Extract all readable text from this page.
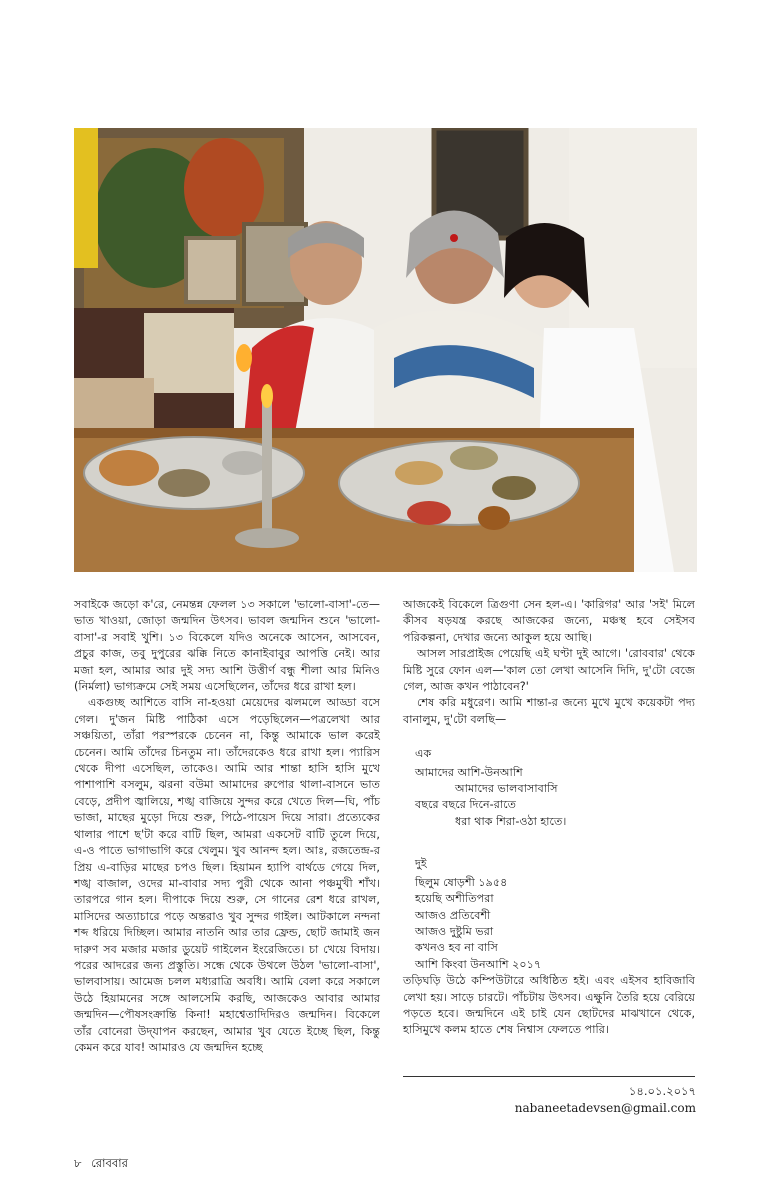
সবাইকে জড়ো ক'রে, নেমন্তন্ন ফেলল ১৩ সকালে 'ভালো-বাসা'-তে—ভাত খাওয়া, জোড়া জন্মদিন উৎসব। ভাবল জন্মদিন শুনে 'ভালো-বাসা'-র সবাই খুশি। ১৩ বিকেলে যদিও অনেকে আসেন, আসবেন, প্রচুর কাজ, তবু দুপুরের ঝক্কি নিতে কানাইবাবুর আপত্তি নেই। আর মজা হল, আমার আর দুই সদ্য আশি উত্তীর্ণ বন্ধু শীলা আর মিনিও (নির্মলা) ভাগ্যক্রমে সেই সময় এসেছিলেন, তাঁদের ধরে রাখা হল।

একগুচ্ছ আশিতে বাসি না-হওয়া মেয়েদের ঝলমলে আড্ডা বসে গেল। দু'জন মিষ্টি পাঠিকা এসে পড়েছিলেন—পত্রলেখা আর সঞ্চয়িতা, তাঁরা পরস্পরকে চেনেন না, কিন্তু আমাকে ভাল করেই চেনেন। আমি তাঁদের চিনতুম না। তাঁদেরকেও ধরে রাখা হল। প্যারিস থেকে দীপা এসেছিল, তাকেও। আমি আর শান্তা হাসি হাসি মুখে পাশাপাশি বসলুম, ঝরনা বউমা আমাদের রুপোর থালা-বাসনে ভাত বেড়ে, প্রদীপ জ্বালিয়ে, শঙ্খ বাজিয়ে সুন্দর করে খেতে দিল—ঘি, পাঁচ ভাজা, মাছের মুড়ো দিয়ে শুরু, পিঠে-পায়েস দিয়ে সারা। প্রত্যেকের থালার পাশে ছ'টা করে বাটি ছিল, আমরা একসেট বাটি তুলে দিয়ে, এ-ও পাতে ভাগাভাগি করে খেলুম। খুব আনন্দ হল। আঃ, রজতেন্দ্র-র প্রিয় এ-বাড়ির মাছের চপও ছিল। হিয়ামন হ্যাপি বার্থডে গেয়ে দিল, শঙ্খ বাজাল, ওদের মা-বাবার সদ্য পুরী থেকে আনা পঞ্চমুখী শাঁখ। তারপরে গান হল। দীপাকে দিয়ে শুরু, সে গানের রেশ ধরে রাখল, মাসিদের অত্যাচারে পড়ে অন্তরাও খুব সুন্দর গাইল। আটকালে নন্দনা শব্দ ধরিয়ে দিচ্ছিল। আমার নাতনি আর তার ফ্রেন্ড, ছোট জামাই জন দারুণ সব মজার মজার ডুয়েট গাইলেন ইংরেজিতে। চা খেয়ে বিদায়। পরের আদরের জন্য প্রস্তুতি। সন্ধে থেকে উথলে উঠল 'ভালো-বাসা', ভালবাসায়। আমেজ চলল মধ্যরাত্রি অবধি। আমি বেলা করে সকালে উঠে হিয়ামনের সঙ্গে আলসেমি করছি, আজকেও আবার আমার জন্মদিন—পৌষসংক্রান্তি কিনা! মহাশ্বেতাদিদিরও জন্মদিন। বিকেলে তাঁর বোনেরা উদ্‌যাপন করছেন, আমার খুব যেতে ইচ্ছে ছিল, কিন্তু কেমন করে যাব! আমারও যে জন্মদিন হচ্ছে

আজকেই বিকেলে ত্রিগুণা সেন হল-এ। 'কারিগর' আর 'সই' মিলে কীসব ষড়যন্ত্র করছে আজকের জন্যে, মঞ্চস্থ হবে সেইসব পরিকল্পনা, দেখার জন্যে আকুল হয়ে আছি।

আসল সারপ্রাইজ পেয়েছি এই ঘণ্টা দুই আগে। 'রোববার' থেকে মিষ্টি সুরে ফোন এল—'কাল তো লেখা আসেনি দিদি, দু'টো বেজে গেল, আজ কখন পাঠাবেন?'

শেষ করি মধুরেণ। আমি শান্তা-র জন্যে মুখে মুখে কয়েকটা পদ্য বানালুম, দু'টো বলছি—

এক
আমাদের আশি-উনআশি
আমাদের ভালবাসাবাসি
বছরে বছরে দিনে-রাতে
ধরা থাক শিরা-ওঠা হাতে।
দুই
ছিলুম ষোড়শী ১৯৫৪
হয়েছি অশীতিপরা
আজও প্রতিবেশী
আজও দুষ্টুমি ভরা
কখনও হব না বাসি
আশি কিংবা উনআশি ২০১৭

তড়িঘড়ি উঠে কম্পিউটারে অধিষ্ঠিত হই। এবং এইসব হাবিজাবি লেখা হয়। সাড়ে চারটে। পাঁচটায় উৎসব। এক্ষুনি তৈরি হয়ে বেরিয়ে পড়তে হবে। জন্মদিনে এই চাই যেন ছোটদের মাঝখানে থেকে, হাসিমুখে কলম হাতে শেষ নিশ্বাস ফেলতে পারি।

১৪.০১.২০১৭
nabaneetadevsen@gmail.com
৮ রোববার
